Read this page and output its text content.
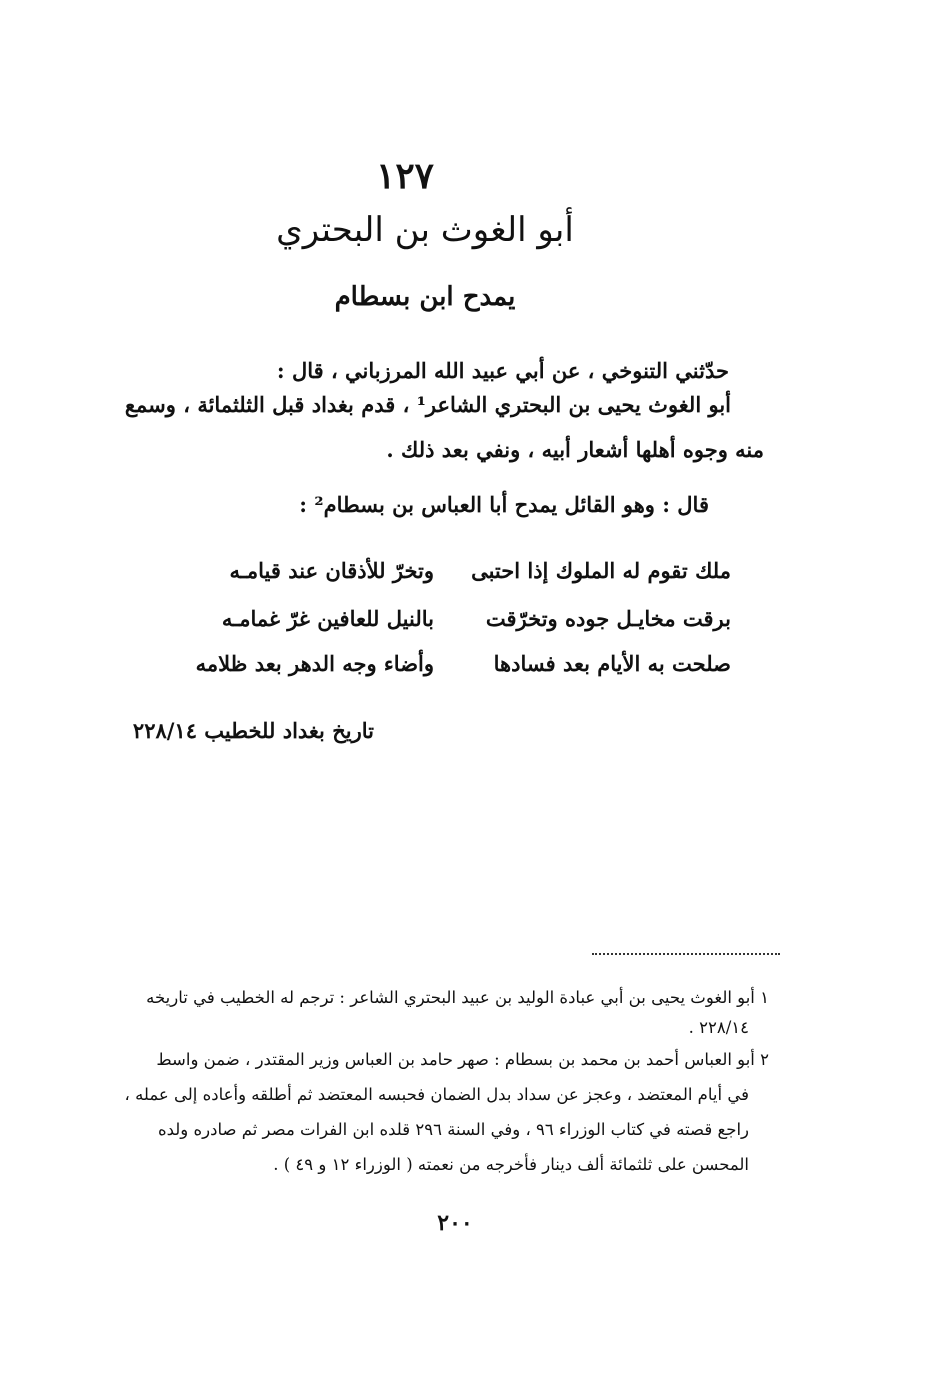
١٢٧
أبو الغوث بن البحتري
يمدح ابن بسطام
حدّثني التنوخي ، عن أبي عبيد الله المرزباني ، قال :
أبو الغوث يحيى بن البحتري الشاعر¹ ، قدم بغداد قبل الثلثمائة ، وسمع
منه وجوه أهلها أشعار أبيه ، ونفي بعد ذلك .
قال : وهو القائل يمدح أبا العباس بن بسطام² :
ملك تقوم له الملوك إذا احتبى
وتخرّ للأذقان عند قيامـه
برقت مخايـل جوده وتخرّقت
بالنيل للعافين غرّ غمامـه
صلحت به الأيام بعد فسادها
وأضاء وجه الدهر بعد ظلامه
تاريخ بغداد للخطيب ٢٢٨/١٤
١ أبو الغوث يحيى بن أبي عبادة الوليد بن عبيد البحتري الشاعر : ترجم له الخطيب في تاريخه
٢٢٨/١٤ .
٢ أبو العباس أحمد بن محمد بن بسطام : صهر حامد بن العباس وزير المقتدر ، ضمن واسط
في أيام المعتضد ، وعجز عن سداد بدل الضمان فحبسه المعتضد ثم أطلقه وأعاده إلى عمله ،
راجع قصته في كتاب الوزراء ٩٦ ، وفي السنة ٢٩٦ قلده ابن الفرات مصر ثم صادره ولده
المحسن على ثلثمائة ألف دينار فأخرجه من نعمته ( الوزراء ١٢ و ٤٩ ) .
٢٠٠
